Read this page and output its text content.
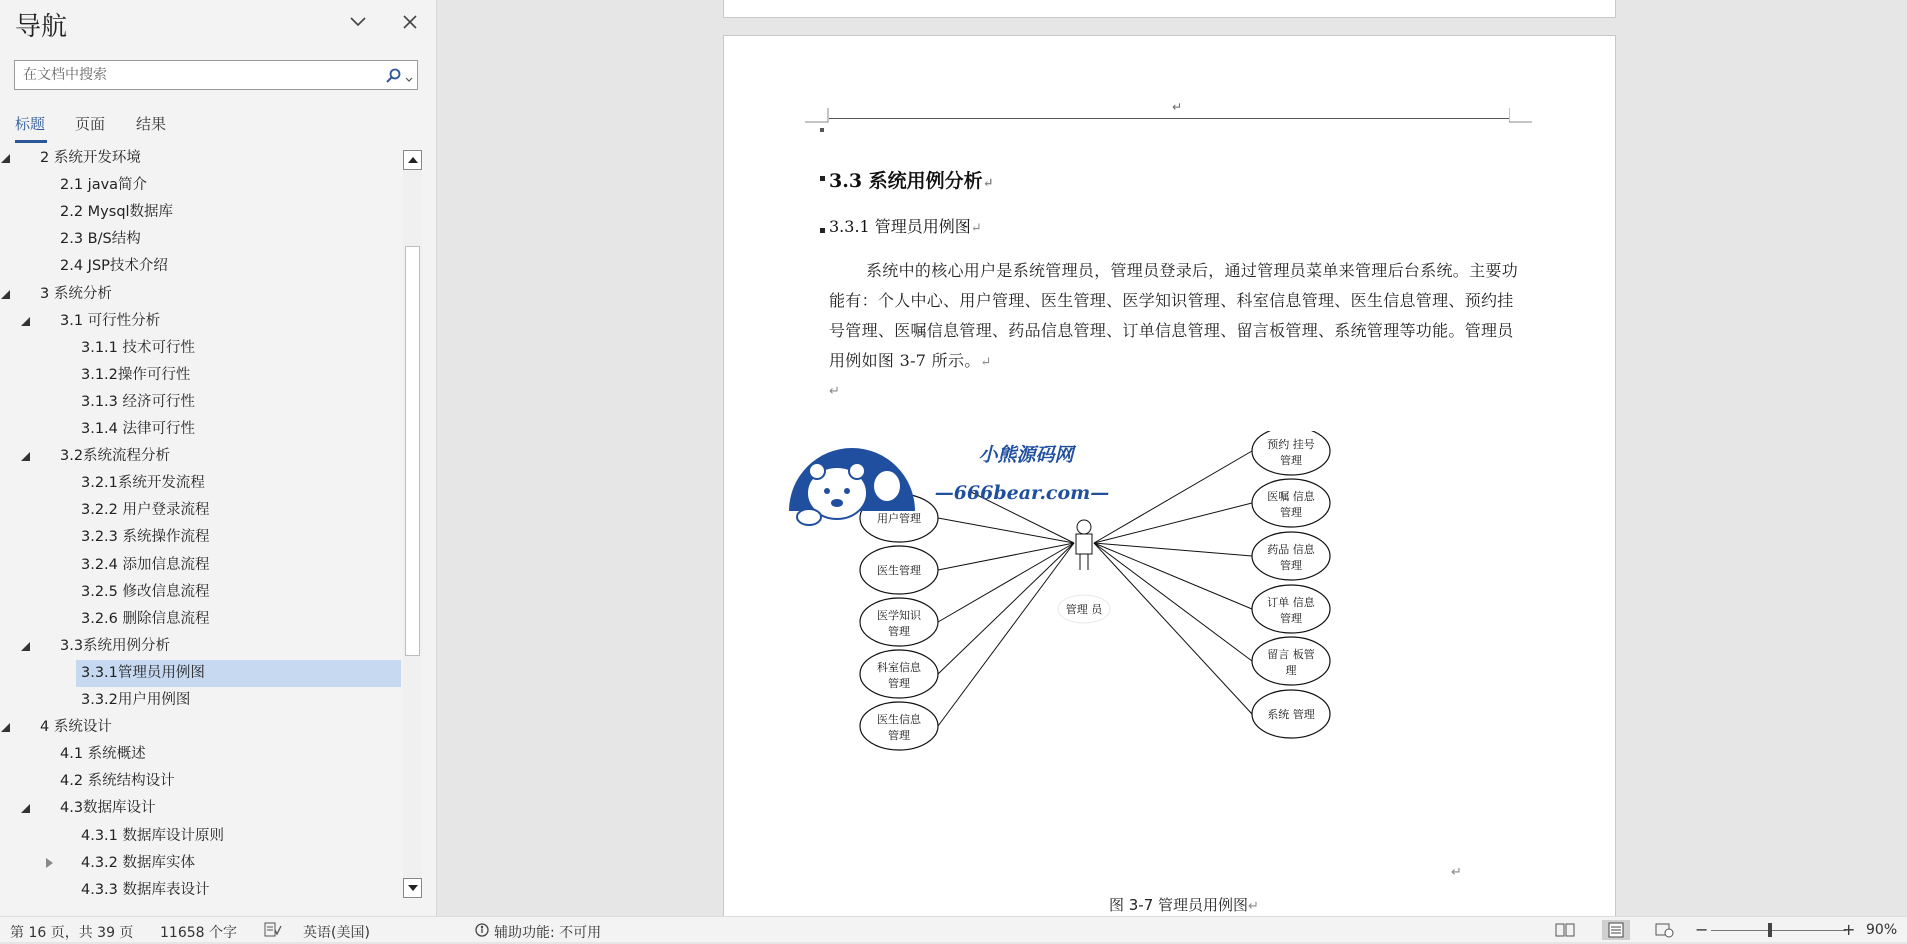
导航
在文档中搜索
标题 页面 结果
2 系统开发环境
2.1 java简介
2.2 Mysql数据库
2.3 B/S结构
2.4 JSP技术介绍
3 系统分析
3.1 可行性分析
3.1.1 技术可行性
3.1.2操作可行性
3.1.3 经济可行性
3.1.4 法律可行性
3.2系统流程分析
3.2.1系统开发流程
3.2.2 用户登录流程
3.2.3 系统操作流程
3.2.4 添加信息流程
3.2.5 修改信息流程
3.2.6 删除信息流程
3.3系统用例分析
3.3.1管理员用例图
3.3.2用户用例图
4 系统设计
4.1 系统概述
4.2 系统结构设计
4.3数据库设计
4.3.1 数据库设计原则
4.3.2 数据库实体
4.3.3 数据库表设计
↵
3.3 系统用例分析↵
3.3.1 管理员用例图↵
系统中的核心用户是系统管理员，管理员登录后，通过管理员菜单来管理后台系统。主要功能有：个人中心、用户管理、医生管理、医学知识管理、科室信息管理、医生信息管理、预约挂号管理、医嘱信息管理、药品信息管理、订单信息管理、留言板管理、系统管理等功能。管理员用例如图 3-7 所示。↵
↵
用户管理
医生管理
医学知识
管理
科室信息
管理
医生信息
管理
预约 挂号
管理
医嘱 信息
管理
药品 信息
管理
订单 信息
管理
留言 板管
理
系统 管理
管理 员
小熊源码网
—666bear.com—
↵
图 3-7 管理员用例图↵
第 16 页，共 39 页 11658 个字	英语(美国)	辅助功能: 不可用	−	+ 90%
